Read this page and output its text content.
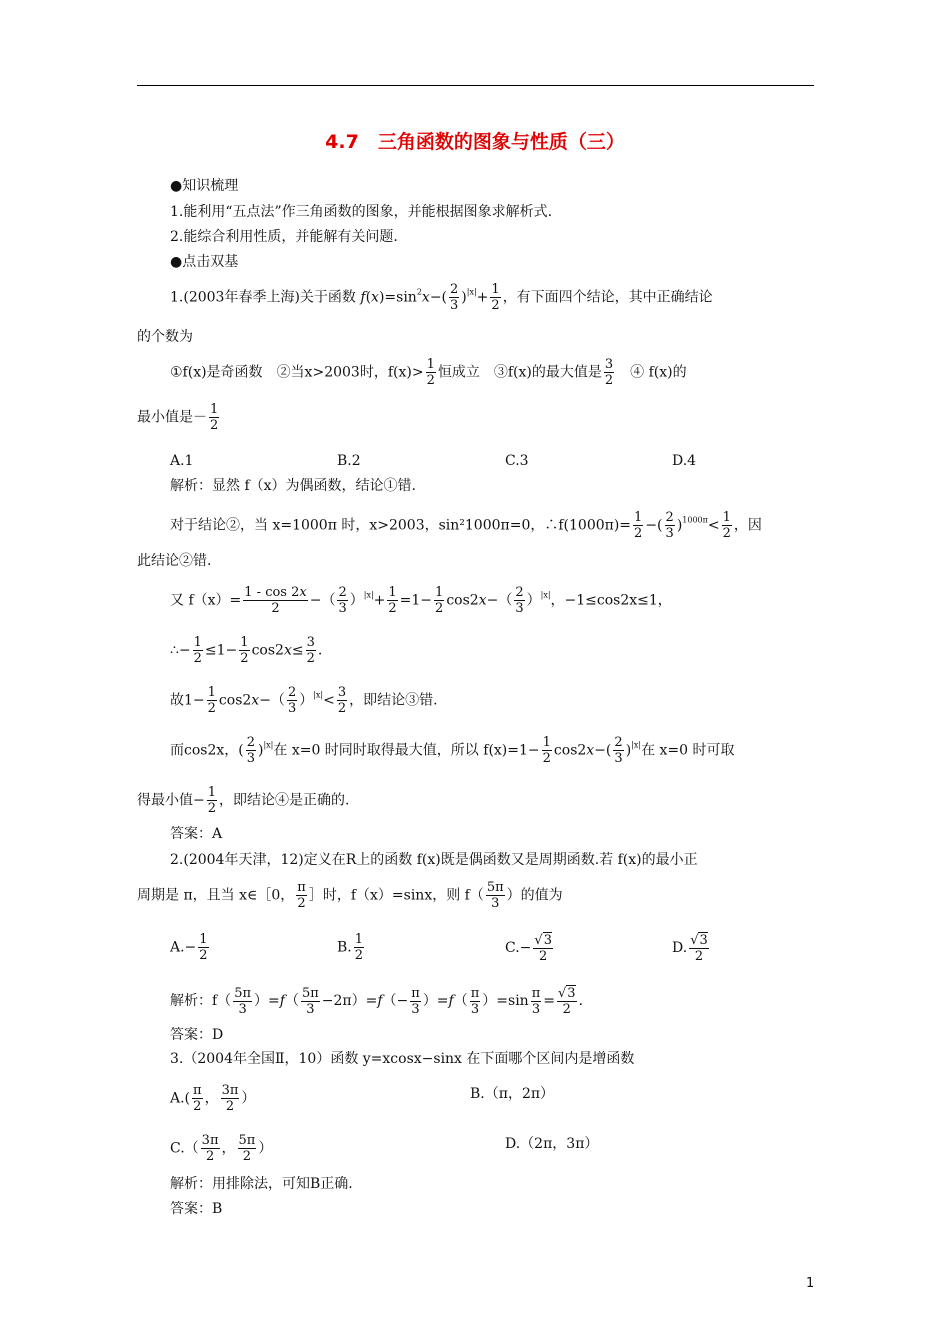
4.7　三角函数的图象与性质（三）
●知识梳理
1.能利用“五点法”作三角函数的图象，并能根据图象求解析式.
2.能综合利用性质，并能解有关问题.
●点击双基
1.(2003年春季上海)关于函数 $f(x)=\sin^2x-( \frac{2}{3} )^{|x|}+ \frac{1}{2}$ ，有下面四个结论，其中正确结论
的个数为
①f(x)是奇函数　 ②当x>2003时，$f(x)> \frac{1}{2}$ 恒成立　 ③f(x)的最大值是 $\frac{3}{2}$
　 ④ f(x)的
最小值是－ $\frac{1}{2}$
A.1	B.2	C.3	D.4
解析：显然 f（x）为偶函数，结论①错.
对于结论②，当 x=1000π 时，x>2003，sin²1000π=0，∴f(1000π)= $\frac{1}{2}$ −( $\frac{2}{3} )^{1000\pi}< \frac{1}{2}$ ，因
此结论②错.
又 $f(x)= \frac{1 - \cos 2x}{2}$ −（ $\frac{2}{3} )^{|x|}+ \frac{1}{2} =1- \frac{1}{2} \cos 2x-( \frac{2}{3} )^{|x|}$，−1≤cos2x≤1，
∴− $\frac{1}{2} \le 1- \frac{1}{2} \cos 2x\le \frac{3}{2}$ .
故$1- \frac{1}{2} \cos 2x-( \frac{2}{3} )^{|x|}< \frac{3}{2}$ ，即结论③错.
而cos2x，( $\frac{2}{3} )^{|x|}$在 x=0 时同时取得最大值，所以 $f(x)=1- \frac{1}{2} \cos 2x-( \frac{2}{3} )^{|x|}$在 x=0 时可取
得最小值− $\frac{1}{2}$ ，即结论④是正确的.
答案：A
2.(2004年天津，12)定义在R上的函数 f(x)既是偶函数又是周期函数.若 f(x)的最小正
周期是 π，且当 x∈［0， $\frac{\pi}{2}$ ］时，f（x）=sinx，则 $f( \frac{5\pi}{3}$ ）的值为
$A.- \frac{1}{2}$	B. $\frac{1}{2}$	$C.- \frac{√3}{2}$	D. $\frac{√3}{2}$
解析：$f( \frac{5\pi}{3} )=f( \frac{5\pi}{3} -2\pi)=f(- \frac{\pi}{3} )=f( \frac{\pi}{3} )=\sin \frac{\pi}{3} = \frac{√3}{2}$ .
答案：D
3.（2004年全国Ⅱ，10）函数 y=xcosx−sinx 在下面哪个区间内是增函数
$A.( \frac{\pi}{2}$ ， $\frac{3\pi}{2}$ ）	B.（π，2π）
$C.( \frac{3\pi}{2}$ ， $\frac{5\pi}{2}$ ）	D.（2π，3π）
解析：用排除法，可知B正确.
答案：B
1
